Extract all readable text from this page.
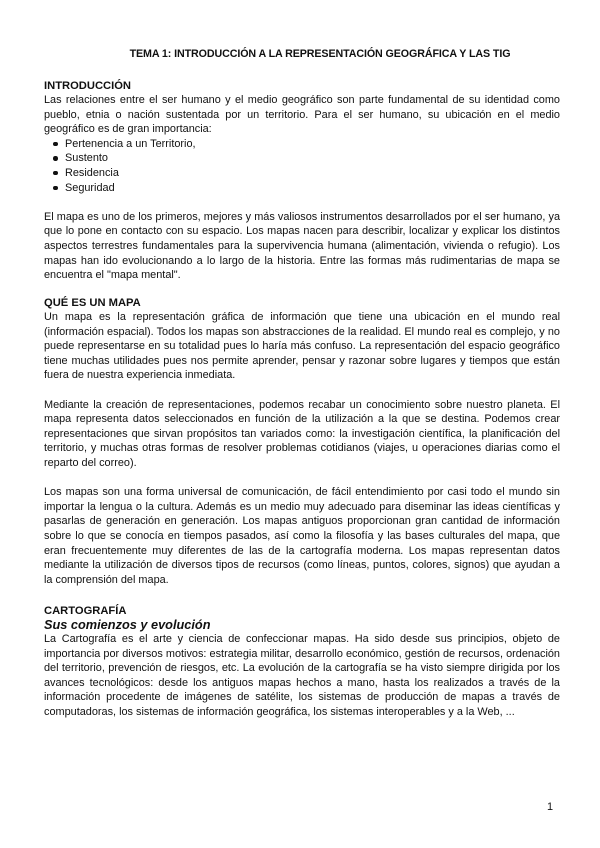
TEMA 1: INTRODUCCIÓN A LA REPRESENTACIÓN GEOGRÁFICA Y LAS TIG
INTRODUCCIÓN

Las relaciones entre el ser humano y el medio geográfico son parte fundamental de su identidad como pueblo, etnia o nación sustentada por un territorio. Para el ser humano, su ubicación en el medio geográfico es de gran importancia:

Pertenencia a un Territorio,
Sustento
Residencia
Seguridad

El mapa es uno de los primeros, mejores y más valiosos instrumentos desarrollados por el ser humano, ya que lo pone en contacto con su espacio. Los mapas nacen para describir, localizar y explicar los distintos aspectos terrestres fundamentales para la supervivencia humana (alimentación, vivienda o refugio). Los mapas han ido evolucionando a lo largo de la historia. Entre las formas más rudimentarias de mapa se encuentra el "mapa mental".

QUÉ ES UN MAPA

Un mapa es la representación gráfica de información que tiene una ubicación en el mundo real (información espacial). Todos los mapas son abstracciones de la realidad. El mundo real es complejo, y no puede representarse en su totalidad pues lo haría más confuso. La representación del espacio geográfico tiene muchas utilidades pues nos permite aprender, pensar y razonar sobre lugares y tiempos que están fuera de nuestra experiencia inmediata.

Mediante la creación de representaciones, podemos recabar un conocimiento sobre nuestro planeta. El mapa representa datos seleccionados en función de la utilización a la que se destina. Podemos crear representaciones que sirvan propósitos tan variados como: la investigación científica, la planificación del territorio, y muchas otras formas de resolver problemas cotidianos (viajes, u operaciones diarias como el reparto del correo).

Los mapas son una forma universal de comunicación, de fácil entendimiento por casi todo el mundo sin importar la lengua o la cultura. Además es un medio muy adecuado para diseminar las ideas científicas y pasarlas de generación en generación. Los mapas antiguos proporcionan gran cantidad de información sobre lo que se conocía en tiempos pasados, así como la filosofía y las bases culturales del mapa, que eran frecuentemente muy diferentes de las de la cartografía moderna. Los mapas representan datos mediante la utilización de diversos tipos de recursos (como líneas, puntos, colores, signos) que ayudan a la comprensión del mapa.

CARTOGRAFÍA
Sus comienzos y evolución

La Cartografía es el arte y ciencia de confeccionar mapas. Ha sido desde sus principios, objeto de importancia por diversos motivos: estrategia militar, desarrollo económico, gestión de recursos, ordenación del territorio, prevención de riesgos, etc. La evolución de la cartografía se ha visto siempre dirigida por los avances tecnológicos: desde los antiguos mapas hechos a mano, hasta los realizados a través de la información procedente de imágenes de satélite, los sistemas de producción de mapas a través de computadoras, los sistemas de información geográfica, los sistemas interoperables y a la Web, ...

1
